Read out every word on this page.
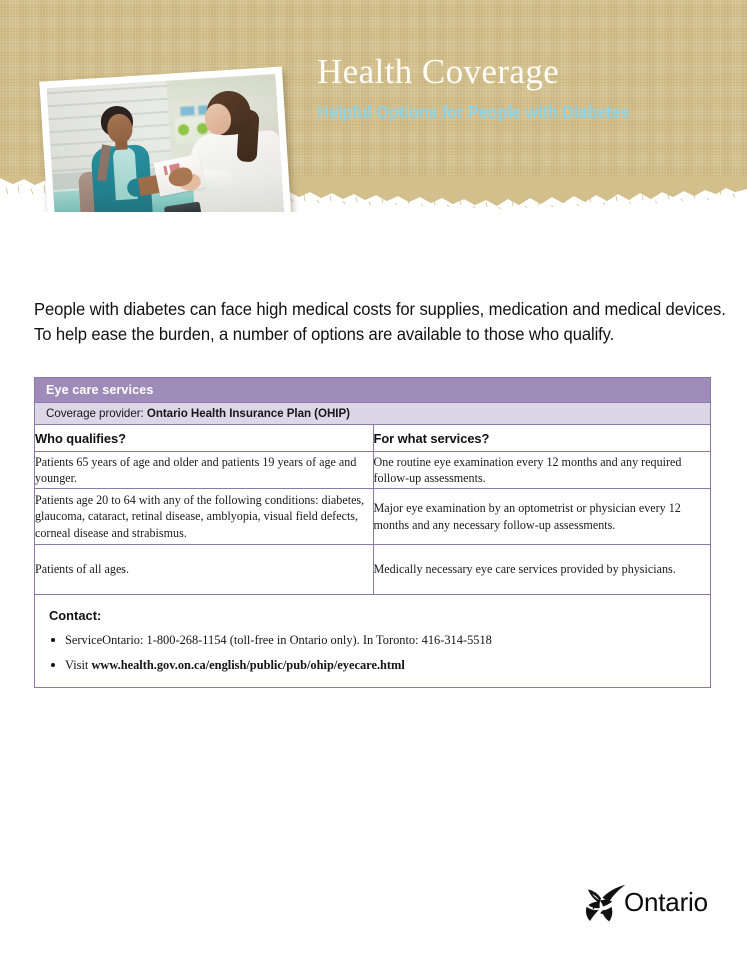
Health Coverage
Helpful Options for People with Diabetes
People with diabetes can face high medical costs for supplies, medication and medical devices.
To help ease the burden, a number of options are available to those who qualify.
Eye care services
Coverage provider: Ontario Health Insurance Plan (OHIP)
Who qualifies?	For what services?
Patients 65 years of age and older and patients 19 years of age and younger.	One routine eye examination every 12 months and any required follow-up assessments.
Patients age 20 to 64 with any of the following conditions: diabetes, glaucoma, cataract, retinal disease, amblyopia, visual field defects, corneal disease and strabismus.	Major eye examination by an optometrist or physician every 12 months and any necessary follow-up assessments.
Patients of all ages.	Medically necessary eye care services provided by physicians.
Contact:
ServiceOntario: 1-800-268-1154 (toll-free in Ontario only). In Toronto: 416-314-5518
Visit www.health.gov.on.ca/english/public/pub/ohip/eyecare.html
Ontario
